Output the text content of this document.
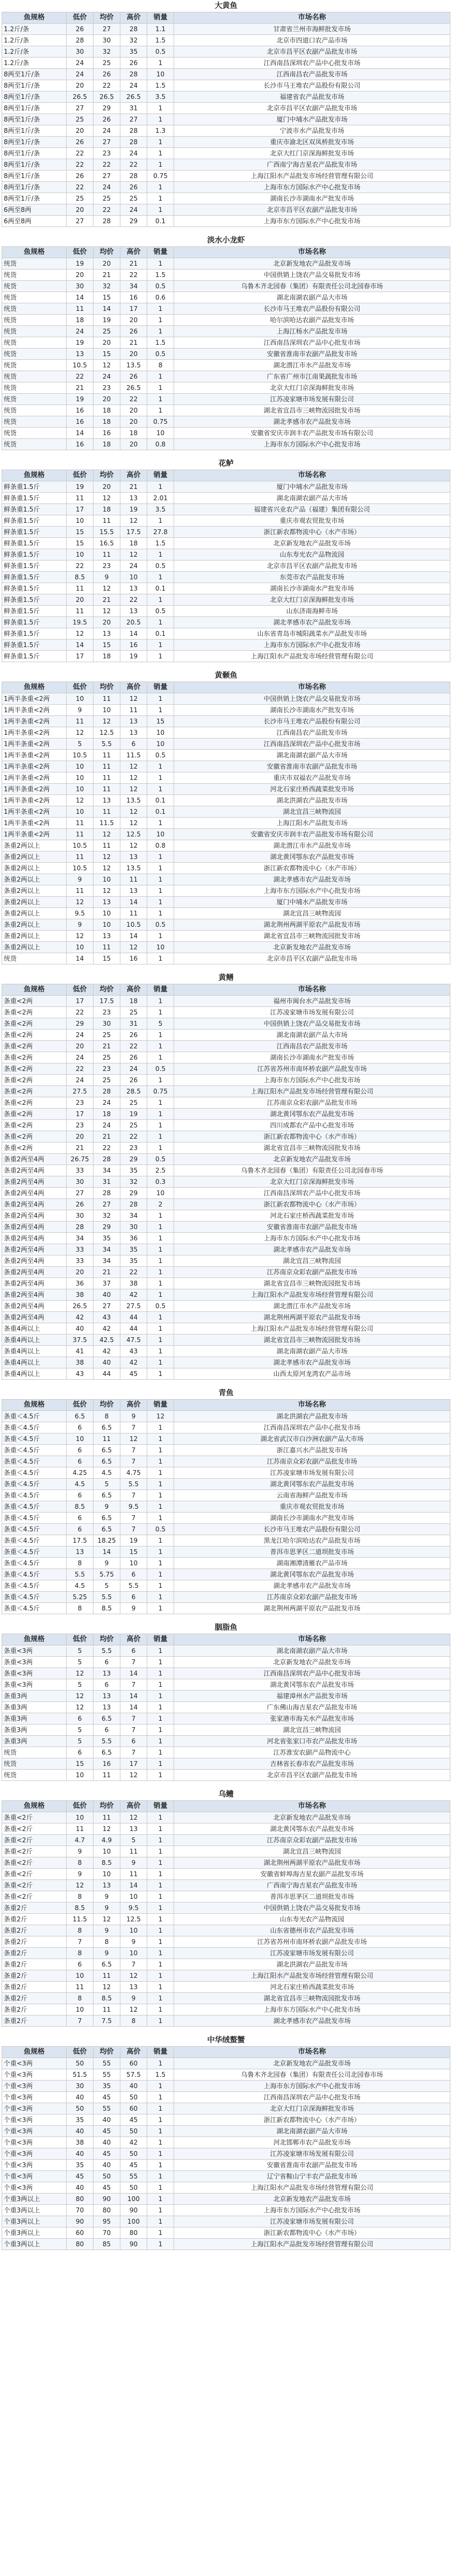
大黄鱼					
鱼规格	低价	均价	高价	销量	市场名称
1.2斤/条	26	27	28	1.1	甘肃省兰州市海鲜批发市场
1.2斤/条	28	30	32	1.5	北京市四道口农产品市场
1.2斤/条	30	32	35	0.5	北京市昌平区农副产品批发市场
1.2斤/条	24	25	26	1	江西南昌深圳农产品中心批发市场
8两至1斤/条	24	26	28	10	江西南昌农产品批发市场
8两至1斤/条	20	22	24	1.5	长沙市马王堆农产品股份有限公司
8两至1斤/条	26.5	26.5	26.5	3.5	福建省农产品批发市场
8两至1斤/条	27	29	31	1	北京市昌平区农副产品批发市场
8两至1斤/条	25	26	27	1	厦门中埔水产品批发市场
8两至1斤/条	20	24	28	1.3	宁波市水产品批发市场
8两至1斤/条	26	27	28	1	重庆市渝北区双凤桥批发市场
8两至1斤/条	22	23	24	1	北京大红门京深海鲜批发市场
8两至1斤/条	22	22	22	1	广西南宁海吉星农产品批发市场
8两至1斤/条	26	27	28	0.75	上海江阳水产品批发市场经营管理有限公司
8两至1斤/条	22	24	26	1	上海市东方国际水产中心批发市场
8两至1斤/条	25	25	25	1	湖南长沙市湖南水产批发市场
6两至8两	20	22	24	1	北京市昌平区农副产品批发市场
6两至8两	27	28	29	0.1	上海市东方国际水产中心批发市场
淡水小龙虾					
鱼规格	低价	均价	高价	销量	市场名称
统货	19	20	21	1	北京新发地农产品批发市场
统货	20	21	22	1.5	中国供销上饶农产品交易批发市场
统货	30	32	34	0.5	乌鲁木齐北园春（集团）有限责任公司北园春市场
统货	14	15	16	0.6	湖北南湖农副产品大市场
统货	11	14	17	1	长沙市马王堆农产品股份有限公司
统货	18	19	20	1	哈尔滨哈达农副产品批发市场
统货	24	25	26	1	上海江杨水产品批发市场
统货	19	20	21	1.5	江西南昌深圳农产品中心批发市场
统货	13	15	20	0.5	安徽省淮南市农副产品批发市场
统货	10.5	12	13.5	8	湖北潜江市水产品批发市场
统货	22	24	26	1	广东省广州市江南果蔬批发市场
统货	21	23	26.5	1	北京大红门京深海鲜批发市场
统货	19	20	22	1	江苏凌家塘市场发展有限公司
统货	16	18	20	1	湖北省宜昌市三峡物流园批发市场
统货	16	18	20	0.75	湖北孝感市农产品批发市场
统货	14	16	18	10	安徽省安庆市润丰农产品批发市场有限公司
统货	16	18	20	0.8	上海市东方国际水产中心批发市场
花鲈					
鱼规格	低价	均价	高价	销量	市场名称
鲜条重1.5斤	19	20	21	1	厦门中埔水产品批发市场
鲜条重1.5斤	11	12	13	2.01	湖北南湖农副产品大市场
鲜条重1.5斤	17	18	19	3.5	福建省兴业农产品（福建）集团有限公司
鲜条重1.5斤	10	11	12	1	重庆市观农贸批发市场
鲜条重1.5斤	15	15.5	17.5	27.8	浙江新农都物流中心（水产市场）
鲜条重1.5斤	15	16.5	18	1.5	北京新发地农产品批发市场
鲜条重1.5斤	10	11	12	1	山东寿光农产品物流园
鲜条重1.5斤	22	23	24	0.5	北京市昌平区农副产品批发市场
鲜条重1.5斤	8.5	9	10	1	东莞市农产品批发市场
鲜条重1.5斤	11	12	13	0.1	湖南长沙市湖南水产批发市场
鲜条重1.5斤	20	21	22	1	北京大红门京深海鲜批发市场
鲜条重1.5斤	11	12	13	0.5	山东济南海鲜市场
鲜条重1.5斤	19.5	20	20.5	1	湖北孝感市农产品批发市场
鲜条重1.5斤	12	13	14	0.1	山东省青岛市城阳蔬菜水产品批发市场
鲜条重1.5斤	14	15	16	1	上海市东方国际水产中心批发市场
鲜条重1.5斤	17	18	19	1	上海江阳水产品批发市场经营管理有限公司
黄颡鱼					
鱼规格	低价	均价	高价	销量	市场名称
1两半条重<2两	10	11	12	1	中国供销上饶农产品交易批发市场
1两半条重<2两	9	10	11	1	湖南长沙市湖南水产批发市场
1两半条重<2两	11	12	13	15	长沙市马王堆农产品股份有限公司
1两半条重<2两	12	12.5	13	10	江西南昌农产品批发市场
1两半条重<2两	5	5.5	6	10	江西南昌深圳农产品中心批发市场
1两半条重<2两	10.5	11	11.5	0.5	湖北南湖农副产品大市场
1两半条重<2两	10	11	12	1	安徽省淮南市农副产品批发市场
1两半条重<2两	10	11	12	1	重庆市双福农产品批发市场
1两半条重<2两	10	11	12	1	河北石家庄桥西蔬菜批发市场
1两半条重<2两	12	13	13.5	0.1	湖北洪湖农产品批发市场
1两半条重<2两	10	11	12	0.1	湖北宜昌三峡物流园
1两半条重<2两	11	11.5	12	1	上海江阳水产品批发市场
1两半条重<2两	11	12	12.5	10	安徽省安庆市润丰农产品批发市场有限公司
条重2两以上	10.5	11	12	0.8	湖北潜江市水产品批发市场
条重2两以上	11	12	13	1	湖北黄冈鄂东农产品批发市场
条重2两以上	10.5	12	13.5	1	浙江新农都物流中心（水产市场）
条重2两以上	9	10	11	1	湖北孝感市农产品批发市场
条重2两以上	11	12	13	1	上海市东方国际水产中心批发市场
条重2两以上	12	13	14	1	厦门中埔水产品批发市场
条重2两以上	9.5	10	11	1	湖北宜昌三峡物流园
条重2两以上	9	10	10.5	0.5	湖北荆州两湖平原农产品批发市场
条重2两以上	12	13	14	1	湖北省宜昌市三峡物流园批发市场
条重2两以上	10	11	12	10	北京新发地农产品批发市场
统货	14	15	16	1	北京市昌平区农副产品批发市场
黄鳝					
鱼规格	低价	均价	高价	销量	市场名称
条重<2两	17	17.5	18	1	福州市闽台水产品批发市场
条重<2两	22	23	25	1	江苏凌家塘市场发展有限公司
条重<2两	29	30	31	5	中国供销上饶农产品交易批发市场
条重<2两	24	25	26	1	湖北南湖农副产品大市场
条重<2两	20	21	22	1	江西南昌农产品批发市场
条重<2两	24	25	26	1	湖南长沙市湖南水产批发市场
条重<2两	22	23	24	0.5	江苏省苏州市南环桥农副产品批发市场
条重<2两	24	25	26	1	上海市东方国际水产中心批发市场
条重<2两	27.5	28	28.5	0.75	上海江阳水产品批发市场经营管理有限公司
条重<2两	23	24	25	1	江苏南京众彩农副产品批发市场
条重<2两	17	18	19	1	湖北黄冈鄂东农产品批发市场
条重<2两	23	24	25	1	四川成都农产品中心批发市场
条重<2两	20	21	22	1	浙江新农都物流中心（水产市场）
条重<2两	21	22	23	1	湖北省宜昌市三峡物流园批发市场
条重2两至4两	26.75	28	29	0.5	北京新发地农产品批发市场
条重2两至4两	33	34	35	2.5	乌鲁木齐北园春（集团）有限责任公司北园春市场
条重2两至4两	30	31	32	0.3	北京大红门京深海鲜批发市场
条重2两至4两	27	28	29	10	江西南昌深圳农产品中心批发市场
条重2两至4两	26	27	28	2	浙江新农都物流中心（水产市场）
条重2两至4两	30	32	34	1	河北石家庄桥西蔬菜批发市场
条重2两至4两	28	29	30	1	安徽省淮南市农副产品批发市场
条重2两至4两	34	35	36	1	上海市东方国际水产中心批发市场
条重2两至4两	33	34	35	1	湖北孝感市农产品批发市场
条重2两至4两	33	34	35	1	湖北宜昌三峡物流园
条重2两至4两	20	21	22	1	江苏南京众彩农副产品批发市场
条重2两至4两	36	37	38	1	湖北省宜昌市三峡物流园批发市场
条重2两至4两	38	40	42	1	上海江阳水产品批发市场经营管理有限公司
条重2两至4两	26.5	27	27.5	0.5	湖北潜江市水产品批发市场
条重2两至4两	42	43	44	1	湖北荆州两湖平原农产品批发市场
条重4两以上	40	42	44	1	上海江阳水产品批发市场经营管理有限公司
条重4两以上	37.5	42.5	47.5	1	湖北省宜昌市三峡物流园批发市场
条重4两以上	41	42	43	1	湖北南湖农副产品大市场
条重4两以上	38	40	42	1	湖北孝感市农产品批发市场
条重4两以上	43	44	45	1	山西太原河龙湾农产品市场
青鱼					
鱼规格	低价	均价	高价	销量	市场名称
条重＜4.5斤	6.5	8	9	12	湖北洪湖农产品批发市场
条重＜4.5斤	6	6.5	7	1	江西南昌深圳农产品中心批发市场
条重＜4.5斤	10	11	12	1	湖北省武汉市白沙洲农副产品大市场
条重＜4.5斤	6	6.5	7	1	浙江嘉兴水产品批发市场
条重＜4.5斤	6	6.5	7	1	江苏南京众彩农副产品批发市场
条重＜4.5斤	4.25	4.5	4.75	1	江苏凌家塘市场发展有限公司
条重＜4.5斤	4.5	5	5.5	1	湖北黄冈鄂东农产品批发市场
条重＜4.5斤	6	6.5	7	1	云南省海鲜产品批发市场
条重＜4.5斤	8.5	9	9.5	1	重庆市观农贸批发市场
条重＜4.5斤	6	6.5	7	1	湖南长沙市湖南水产批发市场
条重＜4.5斤	6	6.5	7	0.5	长沙市马王堆农产品股份有限公司
条重＜4.5斤	17.5	18.25	19	1	黑龙江哈尔滨哈达农产品批发市场
条重＜4.5斤	13	14	15	1	普洱市思茅区二道坝批发市场
条重＜4.5斤	8	9	10	1	湖南湘潭清雁农产品市场
条重＜4.5斤	5.5	5.75	6	1	湖北黄冈鄂东农产品批发市场
条重＜4.5斤	4.5	5	5.5	1	湖北孝感市农产品批发市场
条重＜4.5斤	5.25	5.5	6	1	江苏南京众彩农副产品批发市场
条重＜4.5斤	8	8.5	9	1	湖北荆州两湖平原农产品批发市场
胭脂鱼					
鱼规格	低价	均价	高价	销量	市场名称
条重<3两	5	5.5	6	1	湖北南湖农副产品大市场
条重<3两	5	6	7	1	北京新发地农产品批发市场
条重<3两	12	13	14	1	江西南昌深圳农产品中心批发市场
条重<3两	5	6	7	1	湖北黄冈鄂东农产品批发市场
条重3两	12	13	14	1	福建漳州水产品批发市场
条重3两	12	13	14	1	广东佛山海吉星农产品批发市场
条重3两	6	6.5	7	1	张家港市海关水产品批发市场
条重3两	5	6	7	1	湖北宜昌三峡物流园
条重3两	5	5.5	6	1	河北省张家口市农产品批发市场
统货	6	6.5	7	1	江苏淮安农副产品物流中心
统货	15	16	17	1	吉林省长春市农产品批发市场
统货	10	11	12	1	北京市昌平区农副产品批发市场
乌鳢					
鱼规格	低价	均价	高价	销量	市场名称
条重<2斤	10	11	12	1	北京新发地农产品批发市场
条重<2斤	11	12	13	1	湖北黄冈鄂东农产品批发市场
条重<2斤	4.7	4.9	5	1	江苏南京众彩农副产品批发市场
条重<2斤	9	10	11	1	湖北宜昌三峡物流园
条重<2斤	8	8.5	9	1	湖北荆州两湖平原农产品批发市场
条重<2斤	9	10	11	1	安徽省蚌埠海吉星农副产品批发市场
条重<2斤	12	13	14	1	广西南宁海吉星农产品批发市场
条重<2斤	8	9	10	1	普洱市思茅区二道坝批发市场
条重2斤	8.5	9	9.5	1	中国供销上饶农产品交易批发市场
条重2斤	11.5	12	12.5	1	山东寿光农产品物流园
条重2斤	8	9	10	1	山东省德州市农产品批发市场
条重2斤	7	8	9	1	江苏省苏州市南环桥农副产品批发市场
条重2斤	8	9	10	1	江苏凌家塘市场发展有限公司
条重2斤	6	6.5	7	1	湖北洪湖农产品批发市场
条重2斤	10	11	12	1	上海江阳水产品批发市场经营管理有限公司
条重2斤	11	12	13	1	河北石家庄桥西蔬菜批发市场
条重2斤	8	8.5	9	1	湖北省宜昌市三峡物流园批发市场
条重2斤	10	11	12	1	上海市东方国际水产中心批发市场
条重2斤	7	7.5	8	1	湖北孝感市农产品批发市场
中华绒螯蟹					
鱼规格	低价	均价	高价	销量	市场名称
个重<3两	50	55	60	1	北京新发地农产品批发市场
个重<3两	51.5	55	57.5	1.5	乌鲁木齐北园春（集团）有限责任公司北园春市场
个重<3两	30	35	40	1	上海市东方国际水产中心批发市场
个重<3两	40	45	50	1	江西南昌深圳农产品中心批发市场
个重<3两	50	55	60	1	北京大红门京深海鲜批发市场
个重<3两	35	40	45	1	浙江新农都物流中心（水产市场）
个重<3两	40	45	50	1	湖北南湖农副产品大市场
个重<3两	38	40	42	1	河北邯郸市农产品批发市场
个重<3两	40	45	50	1	江苏凌家塘市场发展有限公司
个重<3两	35	40	45	1	安徽省淮南市农副产品批发市场
个重<3两	45	50	55	1	辽宁省鞍山宁丰农产品批发市场
个重<3两	40	45	50	1	上海江阳水产品批发市场经营管理有限公司
个重3两以上	80	90	100	1	北京新发地农产品批发市场
个重3两以上	70	80	90	1	上海市东方国际水产中心批发市场
个重3两以上	90	95	100	1	江苏凌家塘市场发展有限公司
个重3两以上	60	70	80	1	浙江新农都物流中心（水产市场）
个重3两以上	80	85	90	1	上海江阳水产品批发市场经营管理有限公司
